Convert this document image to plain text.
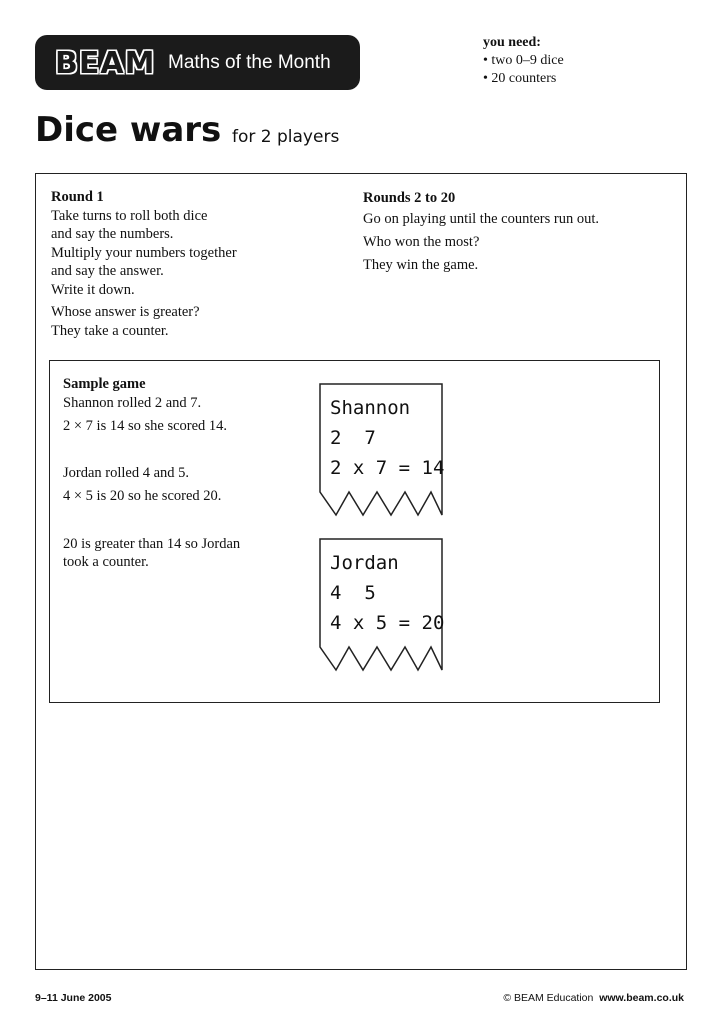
BEAM Maths of the Month
you need:
• two 0–9 dice
• 20 counters
Dice wars for 2 players
Round 1
Take turns to roll both dice
and say the numbers.
Multiply your numbers together
and say the answer.
Write it down.
Whose answer is greater?
They take a counter.
Rounds 2 to 20
Go on playing until the counters run out.
Who won the most?
They win the game.
Sample game
Shannon rolled 2 and 7.
2 × 7 is 14 so she scored 14.
Jordan rolled 4 and 5.
4 × 5 is 20 so he scored 20.
20 is greater than 14 so Jordan
took a counter.
Shannon
2  7
2 x 7 = 14
Jordan
4  5
4 x 5 = 20
9–11 June 2005	© BEAM Education www.beam.co.uk
